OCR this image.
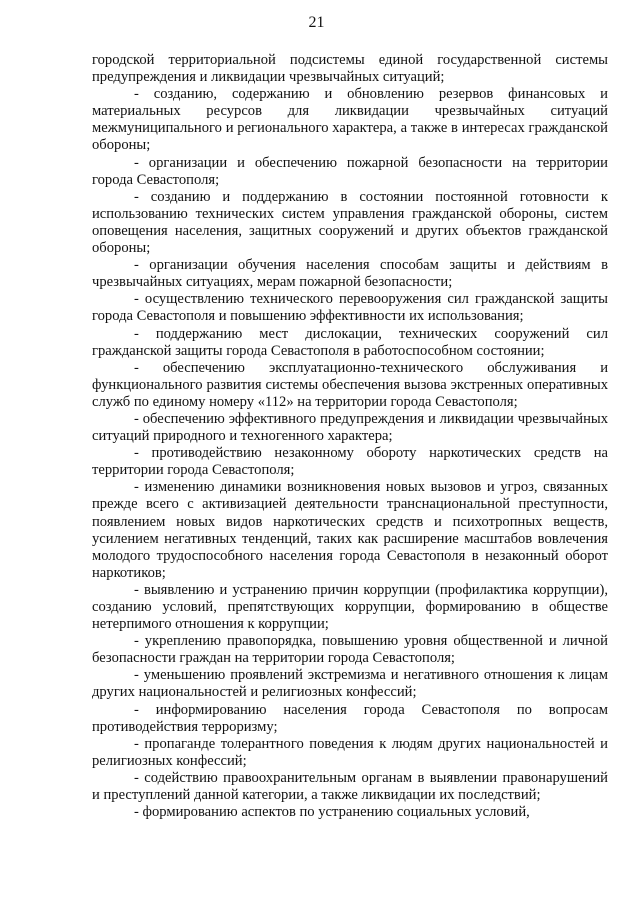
21

городской территориальной подсистемы единой государственной системы предупреждения и ликвидации чрезвычайных ситуаций;

- созданию, содержанию и обновлению резервов финансовых и материальных ресурсов для ликвидации чрезвычайных ситуаций межмуниципального и регионального характера, а также в интересах гражданской обороны;

- организации и обеспечению пожарной безопасности на территории города Севастополя;

- созданию и поддержанию в состоянии постоянной готовности к использованию технических систем управления гражданской обороны, систем оповещения населения, защитных сооружений и других объектов гражданской обороны;

- организации обучения населения способам защиты и действиям в чрезвычайных ситуациях, мерам пожарной безопасности;

- осуществлению технического перевооружения сил гражданской защиты города Севастополя и повышению эффективности их использования;

- поддержанию мест дислокации, технических сооружений сил гражданской защиты города Севастополя в работоспособном состоянии;

- обеспечению эксплуатационно-технического обслуживания и функционального развития системы обеспечения вызова экстренных оперативных служб по единому номеру «112» на территории города Севастополя;

- обеспечению эффективного предупреждения и ликвидации чрезвычайных ситуаций природного и техногенного характера;

- противодействию незаконному обороту наркотических средств на территории города Севастополя;

- изменению динамики возникновения новых вызовов и угроз, связанных прежде всего с активизацией деятельности транснациональной преступности, появлением новых видов наркотических средств и психотропных веществ, усилением негативных тенденций, таких как расширение масштабов вовлечения молодого трудоспособного населения города Севастополя в незаконный оборот наркотиков;

- выявлению и устранению причин коррупции (профилактика коррупции), созданию условий, препятствующих коррупции, формированию в обществе нетерпимого отношения к коррупции;

- укреплению правопорядка, повышению уровня общественной и личной безопасности граждан на территории города Севастополя;

- уменьшению проявлений экстремизма и негативного отношения к лицам других национальностей и религиозных конфессий;

- информированию населения города Севастополя по вопросам противодействия терроризму;

- пропаганде толерантного поведения к людям других национальностей и религиозных конфессий;

- содействию правоохранительным органам в выявлении правонарушений и преступлений данной категории, а также ликвидации их последствий;

- формированию аспектов по устранению социальных условий,
